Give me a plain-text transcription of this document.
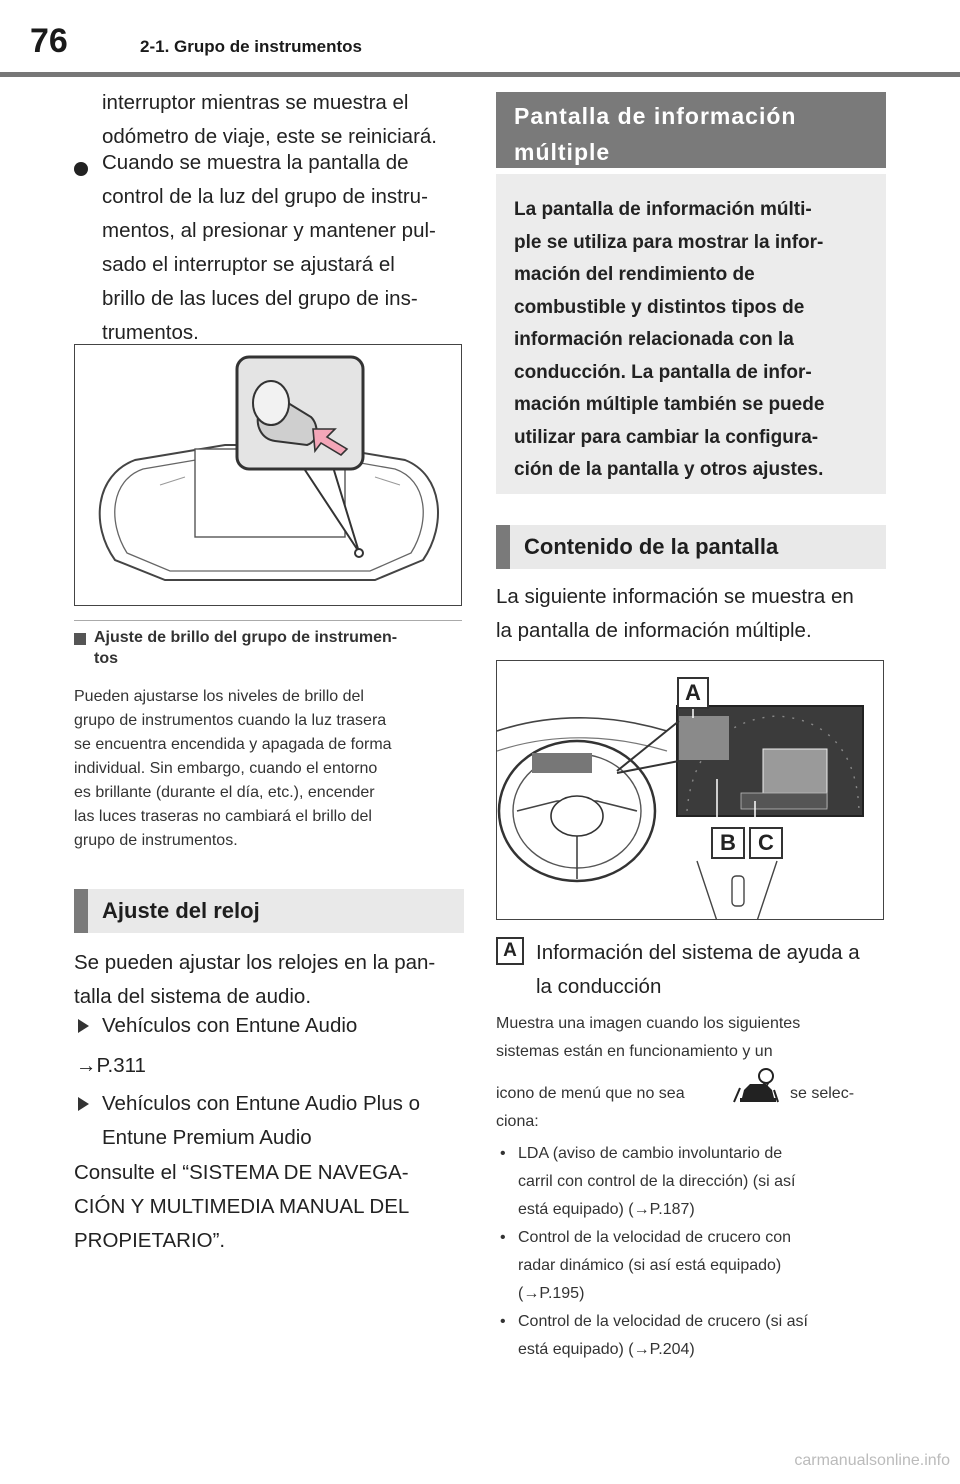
76	2-1. Grupo de instrumentos
interruptor mientras se muestra el
odómetro de viaje, este se reiniciará.
Cuando se muestra la pantalla de
control de la luz del grupo de instru-
mentos, al presionar y mantener pul-
sado el interruptor se ajustará el
brillo de las luces del grupo de ins-
trumentos.
Ajuste de brillo del grupo de instrumen-
tos
Pueden ajustarse los niveles de brillo del
grupo de instrumentos cuando la luz trasera
se encuentra encendida y apagada de forma
individual. Sin embargo, cuando el entorno
es brillante (durante el día, etc.), encender
las luces traseras no cambiará el brillo del
grupo de instrumentos.
Ajuste del reloj
Se pueden ajustar los relojes en la pan-
talla del sistema de audio.
Vehículos con Entune Audio
→P.311
Vehículos con Entune Audio Plus o
Entune Premium Audio
Consulte el “SISTEMA DE NAVEGA-
CIÓN Y MULTIMEDIA MANUAL DEL
PROPIETARIO”.
Pantalla de información
múltiple
La pantalla de información múlti-
ple se utiliza para mostrar la infor-
mación del rendimiento de
combustible y distintos tipos de
información relacionada con la
conducción. La pantalla de infor-
mación múltiple también se puede
utilizar para cambiar la configura-
ción de la pantalla y otros ajustes.
Contenido de la pantalla
La siguiente información se muestra en
la pantalla de información múltiple.
A
B	C
A Información del sistema de ayuda a
la conducción
Muestra una imagen cuando los siguientes
sistemas están en funcionamiento y un
icono de menú que no sea	se selec-
ciona:
• LDA (aviso de cambio involuntario de
carril con control de la dirección) (si así
está equipado) (→P.187)
• Control de la velocidad de crucero con
radar dinámico (si así está equipado)
(→P.195)
• Control de la velocidad de crucero (si así
está equipado) (→P.204)
carmanualsonline.info
